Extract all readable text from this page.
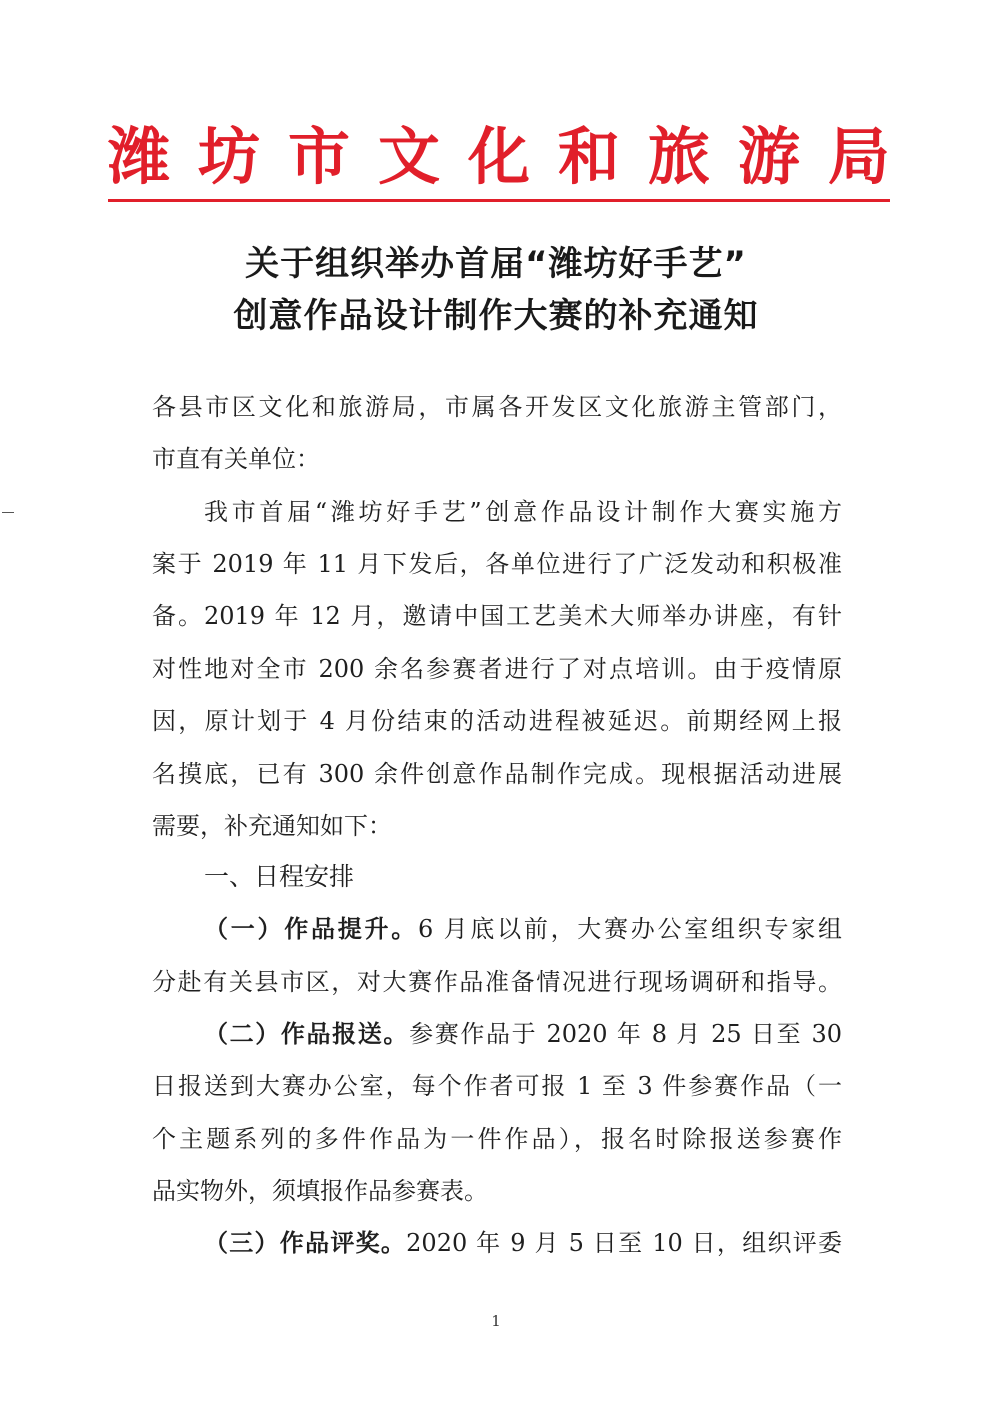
潍 坊 市 文 化 和 旅 游 局
关于组织举办首届“潍坊好手艺”
创意作品设计制作大赛的补充通知
各县市区文化和旅游局，市属各开发区文化旅游主管部门，
市直有关单位：
我市首届“潍坊好手艺”创意作品设计制作大赛实施方
案于 2019 年 11 月下发后，各单位进行了广泛发动和积极准
备。2019 年 12 月，邀请中国工艺美术大师举办讲座，有针
对性地对全市 200 余名参赛者进行了对点培训。由于疫情原
因，原计划于 4 月份结束的活动进程被延迟。前期经网上报
名摸底，已有 300 余件创意作品制作完成。现根据活动进展
需要，补充通知如下：
一、日程安排
（一）作品提升。6 月底以前，大赛办公室组织专家组
分赴有关县市区，对大赛作品准备情况进行现场调研和指导。
（二）作品报送。参赛作品于 2020 年 8 月 25 日至 30
日报送到大赛办公室，每个作者可报 1 至 3 件参赛作品（一
个主题系列的多件作品为一件作品），报名时除报送参赛作
品实物外，须填报作品参赛表。
（三）作品评奖。2020 年 9 月 5 日至 10 日，组织评委
1
